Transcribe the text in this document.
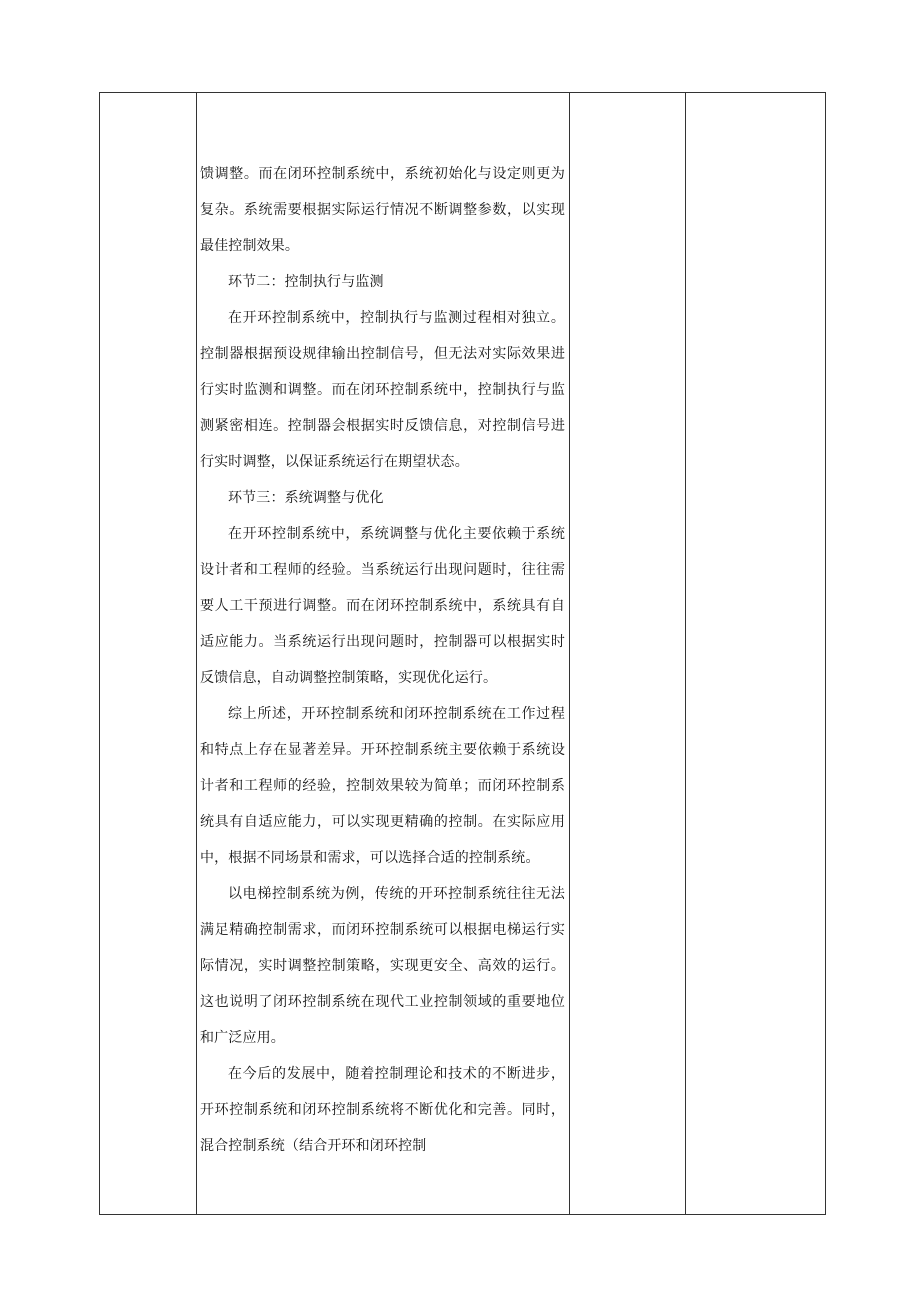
馈调整。而在闭环控制系统中，系统初始化与设定则更为复杂。系统需要根据实际运行情况不断调整参数，以实现最佳控制效果。

环节二：控制执行与监测

在开环控制系统中，控制执行与监测过程相对独立。控制器根据预设规律输出控制信号，但无法对实际效果进行实时监测和调整。而在闭环控制系统中，控制执行与监测紧密相连。控制器会根据实时反馈信息，对控制信号进行实时调整，以保证系统运行在期望状态。

环节三：系统调整与优化

在开环控制系统中，系统调整与优化主要依赖于系统设计者和工程师的经验。当系统运行出现问题时，往往需要人工干预进行调整。而在闭环控制系统中，系统具有自适应能力。当系统运行出现问题时，控制器可以根据实时反馈信息，自动调整控制策略，实现优化运行。

综上所述，开环控制系统和闭环控制系统在工作过程和特点上存在显著差异。开环控制系统主要依赖于系统设计者和工程师的经验，控制效果较为简单；而闭环控制系统具有自适应能力，可以实现更精确的控制。在实际应用中，根据不同场景和需求，可以选择合适的控制系统。

以电梯控制系统为例，传统的开环控制系统往往无法满足精确控制需求，而闭环控制系统可以根据电梯运行实际情况，实时调整控制策略，实现更安全、高效的运行。这也说明了闭环控制系统在现代工业控制领域的重要地位和广泛应用。

在今后的发展中，随着控制理论和技术的不断进步，开环控制系统和闭环控制系统将不断优化和完善。同时，混合控制系统（结合开环和闭环控制
